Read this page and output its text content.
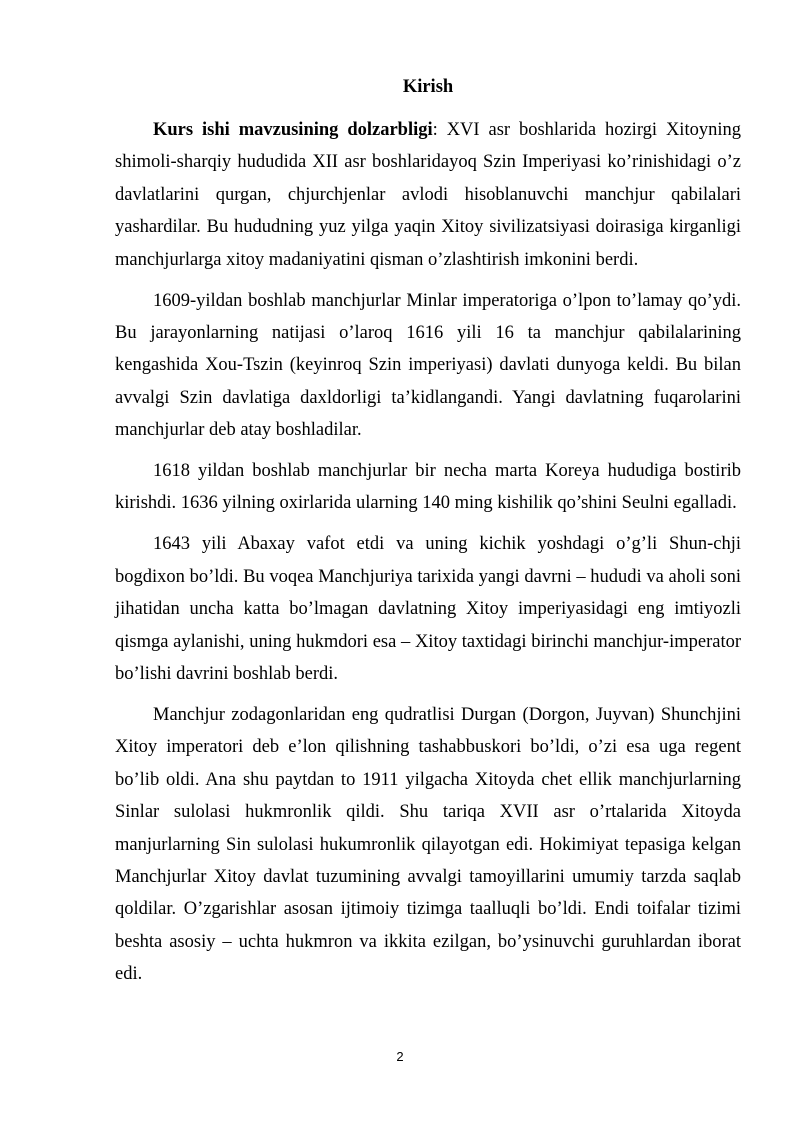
Kirish

Kurs ishi mavzusining dolzarbligi: XVI asr boshlarida hozirgi Xitoyning shimoli-sharqiy hududida XII asr boshlaridayoq Szin Imperiyasi ko’rinishidagi o’z davlatlarini qurgan, chjurchjenlar avlodi hisoblanuvchi manchjur qabilalari yashardilar. Bu hududning yuz yilga yaqin Xitoy sivilizatsiyasi doirasiga kirganligi manchjurlarga xitoy madaniyatini qisman o’zlashtirish imkonini berdi.

1609-yildan boshlab manchjurlar Minlar imperatoriga o’lpon to’lamay qo’ydi. Bu jarayonlarning natijasi o’laroq 1616 yili 16 ta manchjur qabilalarining kengashida Xou-Tszin (keyinroq Szin imperiyasi) davlati dunyoga keldi. Bu bilan avvalgi Szin davlatiga daxldorligi ta’kidlangandi. Yangi davlatning fuqarolarini manchjurlar deb atay boshladilar.

1618 yildan boshlab manchjurlar bir necha marta Koreya hududiga bostirib kirishdi. 1636 yilning oxirlarida ularning 140 ming kishilik qo’shini Seulni egalladi.

1643 yili Abaxay vafot etdi va uning kichik yoshdagi o’g’li Shun-chji bogdixon bo’ldi. Bu voqea Manchjuriya tarixida yangi davrni – hududi va aholi soni jihatidan uncha katta bo’lmagan davlatning Xitoy imperiyasidagi eng imtiyozli qismga aylanishi, uning hukmdori esa – Xitoy taxtidagi birinchi manchjur-imperator bo’lishi davrini boshlab berdi.

Manchjur zodagonlaridan eng qudratlisi Durgan (Dorgon, Juyvan) Shunchjini Xitoy imperatori deb e’lon qilishning tashabbuskori bo’ldi, o’zi esa uga regent bo’lib oldi. Ana shu paytdan to 1911 yilgacha Xitoyda chet ellik manchjurlarning Sinlar sulolasi hukmronlik qildi. Shu tariqa XVII asr o’rtalarida Xitoyda manjurlarning Sin sulolasi hukumronlik qilayotgan edi. Hokimiyat tepasiga kelgan Manchjurlar Xitoy davlat tuzumining avvalgi tamoyillarini umumiy tarzda saqlab qoldilar. O’zgarishlar asosan ijtimoiy tizimga taalluqli bo’ldi. Endi toifalar tizimi beshta asosiy – uchta hukmron va ikkita ezilgan, bo’ysinuvchi guruhlardan iborat edi.

2
